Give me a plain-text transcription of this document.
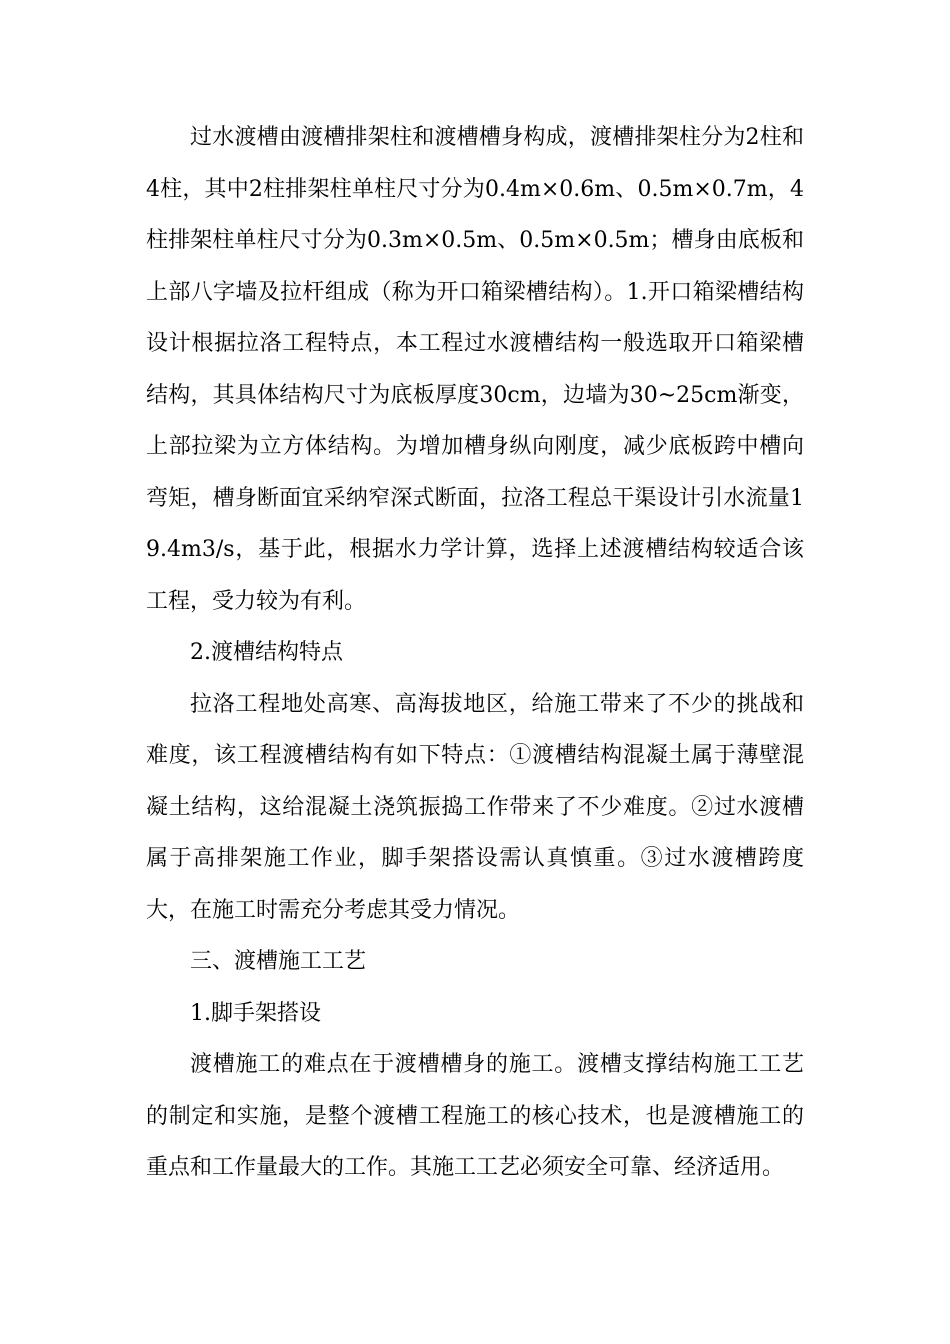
过水渡槽由渡槽排架柱和渡槽槽身构成，渡槽排架柱分为2柱和4柱，其中2柱排架柱单柱尺寸分为0.4m×0.6m、0.5m×0.7m，4柱排架柱单柱尺寸分为0.3m×0.5m、0.5m×0.5m；槽身由底板和上部八字墙及拉杆组成（称为开口箱梁槽结构）。1.开口箱梁槽结构设计根据拉洛工程特点，本工程过水渡槽结构一般选取开口箱梁槽结构，其具体结构尺寸为底板厚度30cm，边墙为30~25cm渐变，上部拉梁为立方体结构。为增加槽身纵向刚度，减少底板跨中槽向弯矩，槽身断面宜采纳窄深式断面，拉洛工程总干渠设计引水流量19.4m3/s，基于此，根据水力学计算，选择上述渡槽结构较适合该工程，受力较为有利。

2.渡槽结构特点

拉洛工程地处高寒、高海拔地区，给施工带来了不少的挑战和难度，该工程渡槽结构有如下特点：①渡槽结构混凝土属于薄壁混凝土结构，这给混凝土浇筑振捣工作带来了不少难度。②过水渡槽属于高排架施工作业，脚手架搭设需认真慎重。③过水渡槽跨度大，在施工时需充分考虑其受力情况。

三、渡槽施工工艺

1.脚手架搭设

渡槽施工的难点在于渡槽槽身的施工。渡槽支撑结构施工工艺的制定和实施，是整个渡槽工程施工的核心技术，也是渡槽施工的重点和工作量最大的工作。其施工工艺必须安全可靠、经济适用。
